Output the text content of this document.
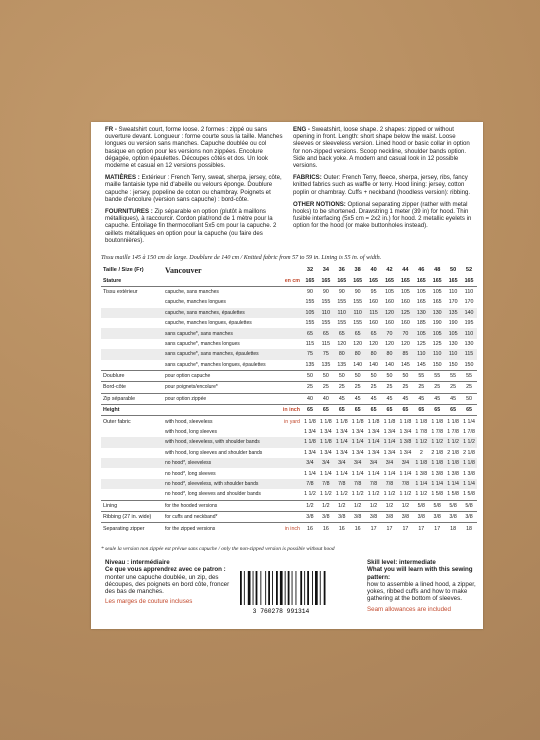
FR - Sweatshirt court, forme loose. 2 formes : zippé ou sans ouverture devant. Longueur : forme courte sous la taille. Manches longues ou version sans manches. Capuche doublée ou col basique en option pour les versions non zippées. Encolure dégagée, option épaulettes. Découpes côtés et dos. Un look moderne et casual en 12 versions possibles.

MATIÈRES : Extérieur : French Terry, sweat, sherpa, jersey, côte, maille fantaisie type nid d'abeille ou velours éponge. Doublure capuche : jersey, popeline de coton ou chambray. Poignets et bande d'encolure (version sans capuche) : bord-côte.

FOURNITURES : Zip séparable en option (plutôt à maillons métalliques), à raccourcir. Cordon plat/rond de 1 mètre pour la capuche. Entoilage fin thermocollant 5x5 cm pour la capuche. 2 œillets métalliques en option pour la capuche (ou faire des boutonnières).

ENG - Sweatshirt, loose shape. 2 shapes: zipped or without opening in front. Length: short shape below the waist. Loose sleeves or sleeveless version. Lined hood or basic collar in option for non-zipped versions. Scoop neckline, shoulder bands option. Side and back yoke. A modern and casual look in 12 possible versions.

FABRICS: Outer: French Terry, fleece, sherpa, jersey, ribs, fancy knitted fabrics such as waffle or terry. Hood lining: jersey, cotton poplin or chambray. Cuffs + neckband (hoodless version): ribbing.

OTHER NOTIONS: Optional separating zipper (rather with metal hooks) to be shortened. Drawstring 1 meter (39 in) for hood. Thin fusible interfacing (5x5 cm = 2x2 in.) for hood. 2 metallic eyelets in option for the hood (or make buttonholes instead).

Tissu maille 145 à 150 cm de large. Doublure de 140 cm / Knitted fabric from 57 to 59 in. Lining is 55 in. of width.
Taille / Size (Fr)	Vancouver		32	34	36	38	40	42	44	46	48	50	52
Stature		en cm	165	165	165	165	165	165	165	165	165	165	165
Tissu extérieur	capuche, sans manches		90	90	90	90	95	105	105	105	105	110	110
	capuche, manches longues		155	155	155	155	160	160	160	165	165	170	170
	capuche, sans manches, épaulettes		105	110	110	110	115	120	125	130	130	135	140
	capuche, manches longues, épaulettes		155	155	155	155	160	160	160	185	190	190	195
	sans capuche*, sans manches		65	65	65	65	65	70	70	105	105	105	110
	sans capuche*, manches longues		115	115	120	120	120	120	120	125	125	130	130
	sans capuche*, sans manches, épaulettes		75	75	80	80	80	80	85	110	110	110	115
	sans capuche*, manches longues, épaulettes		135	135	135	140	140	140	145	145	150	150	150
Doublure	pour option capuche		50	50	50	50	50	50	50	55	55	55	55
Bord-côte	pour poignets/encolure*		25	25	25	25	25	25	25	25	25	25	25
Zip séparable	pour option zippée		40	40	45	45	45	45	45	45	45	45	50
Height		in inch	65	65	65	65	65	65	65	65	65	65	65
Outer fabric	with hood, sleeveless	in yard	1 1/8	1 1/8	1 1/8	1 1/8	1 1/8	1 1/8	1 1/8	1 1/8	1 1/8	1 1/8	1 1/4
	with hood, long sleeves		1 3/4	1 3/4	1 3/4	1 3/4	1 3/4	1 3/4	1 3/4	1 7/8	1 7/8	1 7/8	1 7/8
	with hood, sleeveless, with shoulder bands		1 1/8	1 1/8	1 1/4	1 1/4	1 1/4	1 1/4	1 3/8	1 1/2	1 1/2	1 1/2	1 1/2
	with hood, long sleeves and shoulder bands		1 3/4	1 3/4	1 3/4	1 3/4	1 3/4	1 3/4	1 3/4	2	2 1/8	2 1/8	2 1/8
	no hood*, sleeveless		3/4	3/4	3/4	3/4	3/4	3/4	3/4	1 1/8	1 1/8	1 1/8	1 1/8
	no hood*, long sleeves		1 1/4	1 1/4	1 1/4	1 1/4	1 1/4	1 1/4	1 1/4	1 3/8	1 3/8	1 3/8	1 3/8
	no hood*, sleeveless, with shoulder bands		7/8	7/8	7/8	7/8	7/8	7/8	7/8	1 1/4	1 1/4	1 1/4	1 1/4
	no hood*, long sleeves and shoulder bands		1 1/2	1 1/2	1 1/2	1 1/2	1 1/2	1 1/2	1 1/2	1 1/2	1 5/8	1 5/8	1 5/8
Lining	for the hooded versions		1/2	1/2	1/2	1/2	1/2	1/2	1/2	5/8	5/8	5/8	5/8
Ribbing (27 in. wide)	for cuffs and neckband*		3/8	3/8	3/8	3/8	3/8	3/8	3/8	3/8	3/8	3/8	3/8
Separating zipper	for the zipped versions	in inch	16	16	16	16	17	17	17	17	17	18	18
* seule la version non zippée est prévue sans capuche / only the non-zipped version is possible without hood
Niveau : intermédiaire
Ce que vous apprendrez avec ce patron :
monter une capuche doublée, un zip, des découpes, des poignets en bord côte, froncer des bas de manches.
Les marges de couture incluses
3 760278 991314
Skill level: intermediate
What you will learn with this sewing pattern:
how to assemble a lined hood, a zipper, yokes, ribbed cuffs and how to make gathering at the bottom of sleeves.
Seam allowances are included
